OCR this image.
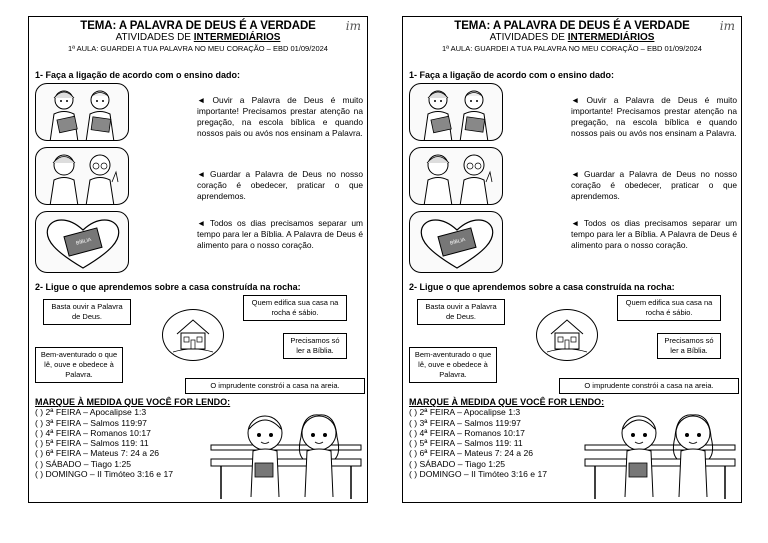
TEMA: A PALAVRA DE DEUS É A VERDADE	im

ATIVIDADES DE INTERMEDIÁRIOS
1ª AULA: GUARDEI A TUA PALAVRA NO MEU CORAÇÃO – EBD 01/09/2024
1- Faça a ligação de acordo com o ensino dado:
BÍBLIA
◄ Ouvir a Palavra de Deus é muito importante! Precisamos prestar atenção na pregação, na escola bíblica e quando nossos pais ou avós nos ensinam a Palavra.
◄ Guardar a Palavra de Deus no nosso coração é obedecer, praticar o que aprendemos.
◄ Todos os dias precisamos separar um tempo para ler a Bíblia. A Palavra de Deus é alimento para o nosso coração.
2- Ligue o que aprendemos sobre a casa construída na rocha:
Basta ouvir a Palavra de Deus.
Quem edifica sua casa na rocha é sábio.
Precisamos só ler a Bíblia.
Bem-aventurado o que lê, ouve e obedece à Palavra.
O imprudente constrói a casa na areia.
MARQUE À MEDIDA QUE VOCÊ FOR LENDO:
( ) 2ª FEIRA – Apocalipse 1:3
( ) 3ª FEIRA – Salmos 119:97
( ) 4ª FEIRA – Romanos 10:17
( ) 5ª FEIRA – Salmos 119: 11
( ) 6ª FEIRA – Mateus 7: 24 a 26
( ) SÁBADO – Tiago 1:25
( ) DOMINGO – II Timóteo 3:16 e 17
TEMA: A PALAVRA DE DEUS É A VERDADE	im

ATIVIDADES DE INTERMEDIÁRIOS
1ª AULA: GUARDEI A TUA PALAVRA NO MEU CORAÇÃO – EBD 01/09/2024
1- Faça a ligação de acordo com o ensino dado:
BÍBLIA
◄ Ouvir a Palavra de Deus é muito importante! Precisamos prestar atenção na pregação, na escola bíblica e quando nossos pais ou avós nos ensinam a Palavra.
◄ Guardar a Palavra de Deus no nosso coração é obedecer, praticar o que aprendemos.
◄ Todos os dias precisamos separar um tempo para ler a Bíblia. A Palavra de Deus é alimento para o nosso coração.
2- Ligue o que aprendemos sobre a casa construída na rocha:
Basta ouvir a Palavra de Deus.
Quem edifica sua casa na rocha é sábio.
Precisamos só ler a Bíblia.
Bem-aventurado o que lê, ouve e obedece à Palavra.
O imprudente constrói a casa na areia.
MARQUE À MEDIDA QUE VOCÊ FOR LENDO:
( ) 2ª FEIRA – Apocalipse 1:3
( ) 3ª FEIRA – Salmos 119:97
( ) 4ª FEIRA – Romanos 10:17
( ) 5ª FEIRA – Salmos 119: 11
( ) 6ª FEIRA – Mateus 7: 24 a 26
( ) SÁBADO – Tiago 1:25
( ) DOMINGO – II Timóteo 3:16 e 17
